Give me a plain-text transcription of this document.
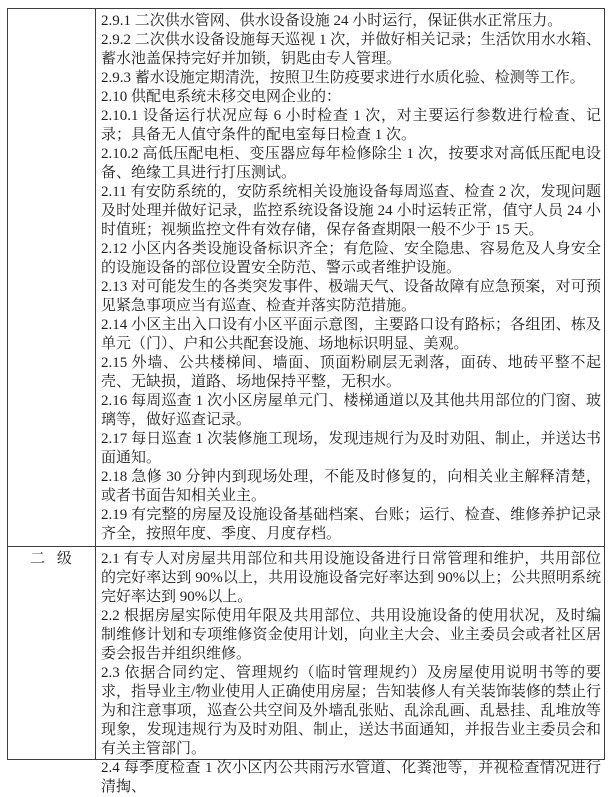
2.9.1 二次供水管网、供水设备设施 24 小时运行，保证供水正常压力。

2.9.2 二次供水设备设施每天巡视 1 次，并做好相关记录；生活饮用水水箱、蓄水池盖保持完好并加锁，钥匙由专人管理。

2.9.3 蓄水设施定期清洗，按照卫生防疫要求进行水质化验、检测等工作。

2.10 供配电系统未移交电网企业的：

2.10.1 设备运行状况应每 6 小时检查 1 次，对主要运行参数进行检查、记录；具备无人值守条件的配电室每日检查 1 次。

2.10.2 高低压配电柜、变压器应每年检修除尘 1 次，按要求对高低压配电设备、绝缘工具进行打压测试。

2.11 有安防系统的，安防系统相关设施设备每周巡查、检查 2 次，发现问题及时处理并做好记录，监控系统设备设施 24 小时运转正常，值守人员 24 小时值班；视频监控文件有效存储，保存备查期限一般不少于 15 天。

2.12 小区内各类设施设备标识齐全；有危险、安全隐患、容易危及人身安全的设施设备的部位设置安全防范、警示或者维护设施。

2.13 对可能发生的各类突发事件、极端天气、设备故障有应急预案，对可预见紧急事项应当有巡查、检查并落实防范措施。

2.14 小区主出入口设有小区平面示意图，主要路口设有路标；各组团、栋及单元（门）、户和公共配套设施、场地标识明显、美观。

2.15 外墙、公共楼梯间、墙面、顶面粉刷层无剥落，面砖、地砖平整不起壳、无缺损，道路、场地保持平整，无积水。

2.16 每周巡查 1 次小区房屋单元门、楼梯通道以及其他共用部位的门窗、玻璃等，做好巡查记录。

2.17 每日巡查 1 次装修施工现场，发现违规行为及时劝阻、制止，并送达书面通知。

2.18 急修 30 分钟内到现场处理，不能及时修复的，向相关业主解释清楚，或者书面告知相关业主。

2.19 有完整的房屋及设施设备基础档案、台账；运行、检查、维修养护记录齐全，按照年度、季度、月度存档。

二 级	2.1 有专人对房屋共用部位和共用设施设备进行日常管理和维护，共用部位的完好率达到 90%以上，共用设施设备完好率达到 90%以上；公共照明系统完好率达到 90%以上。

2.2 根据房屋实际使用年限及共用部位、共用设施设备的使用状况，及时编制维修计划和专项维修资金使用计划，向业主大会、业主委员会或者社区居委会报告并组织维修。

2.3 依据合同约定、管理规约（临时管理规约）及房屋使用说明书等的要求，指导业主/物业使用人正确使用房屋；告知装修人有关装饰装修的禁止行为和注意事项，巡查公共空间及外墙乱张贴、乱涂乱画、乱悬挂、乱堆放等现象，发现违规行为及时劝阻、制止，送达书面通知，并报告业主委员会和有关主管部门。

2.4 每季度检查 1 次小区内公共雨污水管道、化粪池等，并视检查情况进行清掏、
